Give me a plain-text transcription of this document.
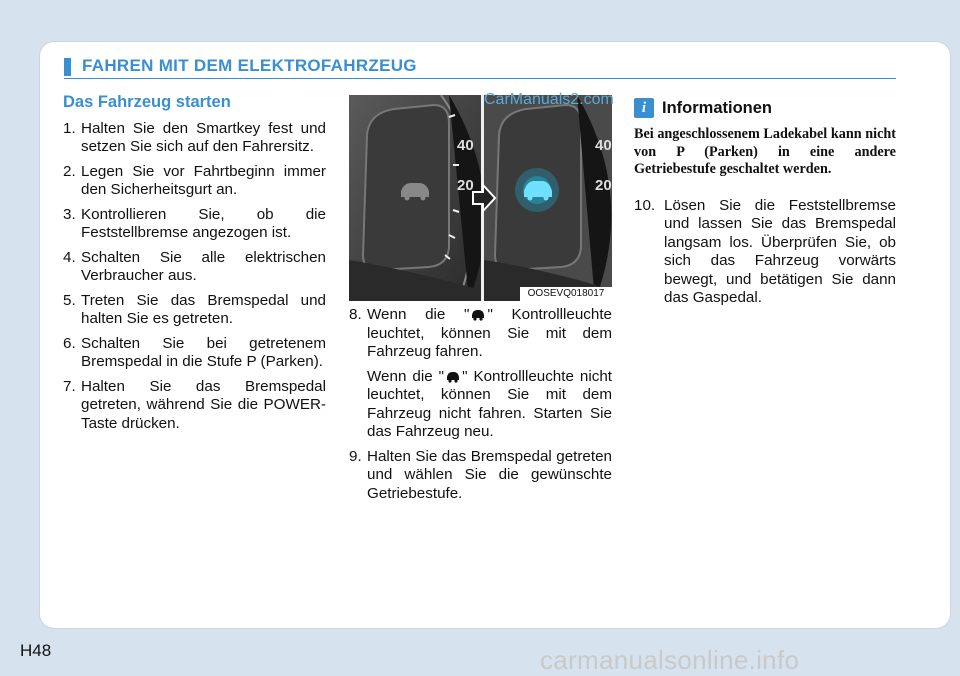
FAHREN MIT DEM ELEKTROFAHRZEUG
Das Fahrzeug starten
1. Halten Sie den Smartkey fest und setzen Sie sich auf den Fahrersitz.
2. Legen Sie vor Fahrtbeginn immer den Sicherheitsgurt an.
3. Kontrollieren Sie, ob die Feststellbremse angezogen ist.
4. Schalten Sie alle elektrischen Verbraucher aus.
5. Treten Sie das Bremspedal und halten Sie es getreten.
6. Schalten Sie bei getretenem Bremspedal in die Stufe P (Parken).
7. Halten Sie das Bremspedal getreten, während Sie die POWER-Taste drücken.
40
20
40
20
OOSEVQ018017
CarManuals2.com
8. Wenn die " " Kontrollleuchte leuchtet, können Sie mit dem Fahrzeug fahren.
Wenn die " " Kontrollleuchte nicht leuchtet, können Sie mit dem Fahrzeug nicht fahren. Starten Sie das Fahrzeug neu.
9. Halten Sie das Bremspedal getreten und wählen Sie die gewünschte Getriebestufe.
i Informationen
Bei angeschlossenem Ladekabel kann nicht von P (Parken) in eine andere Getriebestufe geschaltet werden.
10. Lösen Sie die Feststellbremse und lassen Sie das Bremspedal langsam los. Überprüfen Sie, ob sich das Fahrzeug vorwärts bewegt, und betätigen Sie dann das Gaspedal.
H48	carmanualsonline.info
